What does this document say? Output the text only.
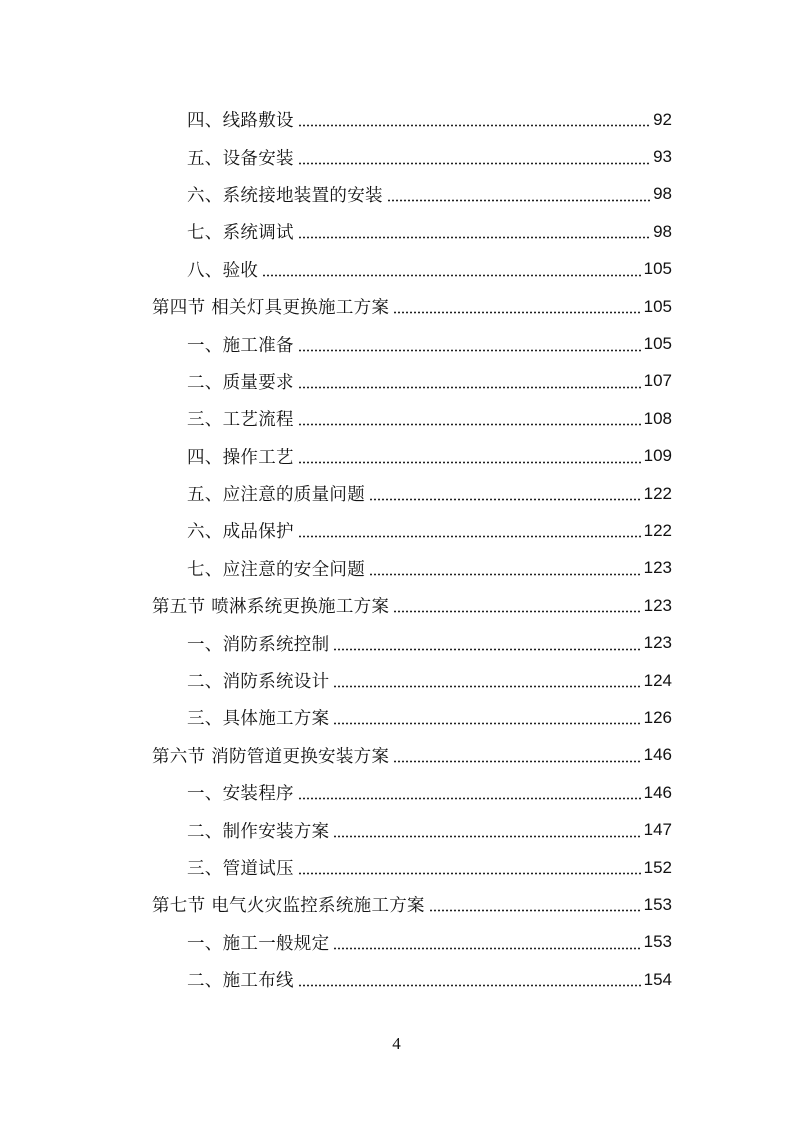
四、线路敷设	92
五、设备安装	93
六、系统接地装置的安装	98
七、系统调试	98
八、验收	105
第四节 相关灯具更换施工方案	105
一、施工准备	105
二、质量要求	107
三、工艺流程	108
四、操作工艺	109
五、应注意的质量问题	122
六、成品保护	122
七、应注意的安全问题	123
第五节 喷淋系统更换施工方案	123
一、消防系统控制	123
二、消防系统设计	124
三、具体施工方案	126
第六节 消防管道更换安装方案	146
一、安装程序	146
二、制作安装方案	147
三、管道试压	152
第七节 电气火灾监控系统施工方案	153
一、施工一般规定	153
二、施工布线	154
4
